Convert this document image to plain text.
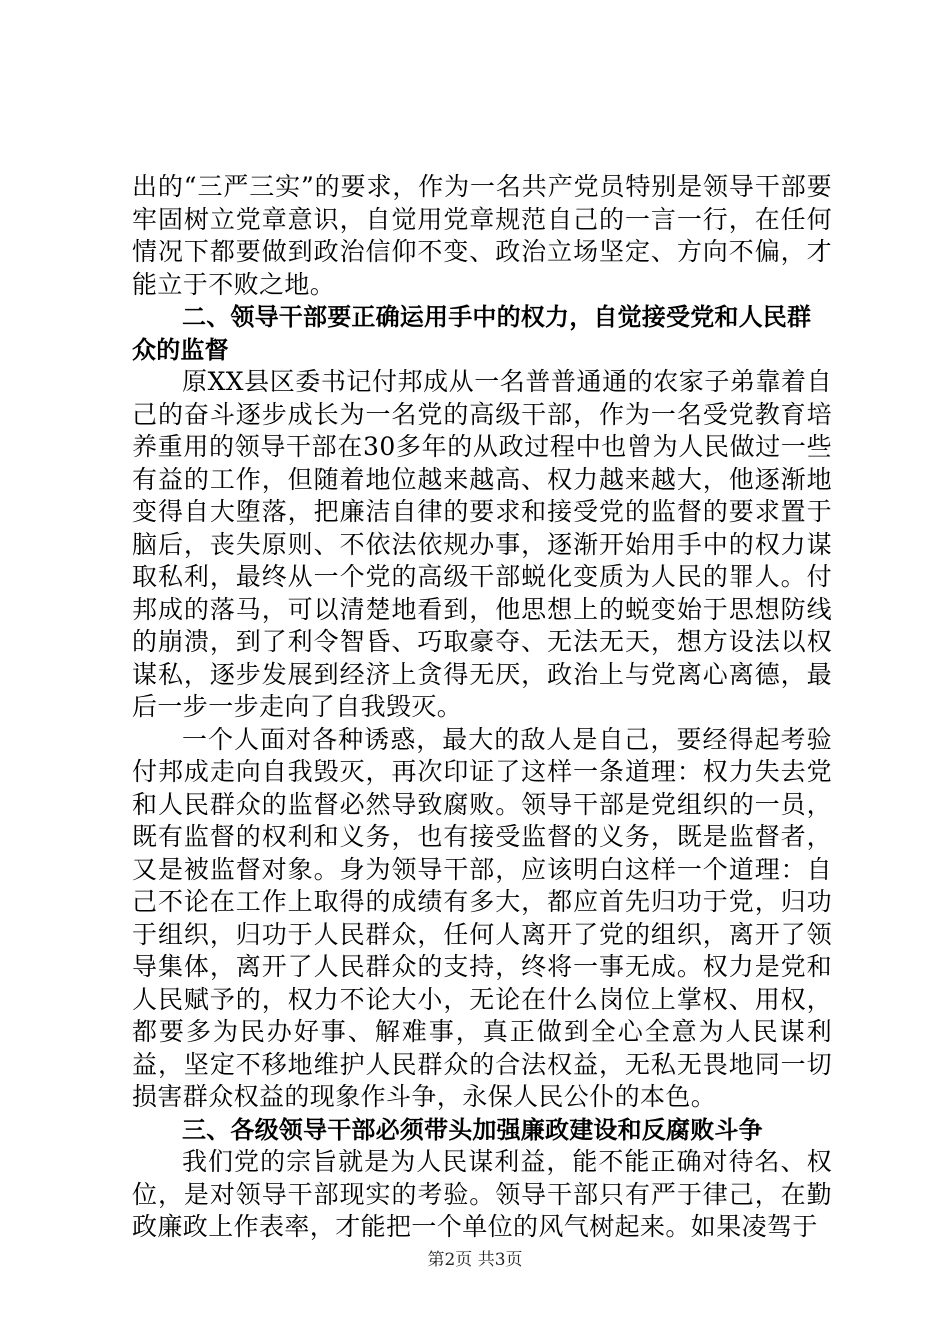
出的“三严三实”的要求，作为一名共产党员特别是领导干部要牢固树立党章意识，自觉用党章规范自己的一言一行，在任何情况下都要做到政治信仰不变、政治立场坚定、方向不偏，才能立于不败之地。

二、领导干部要正确运用手中的权力，自觉接受党和人民群众的监督

原XX县区委书记付邦成从一名普普通通的农家子弟靠着自己的奋斗逐步成长为一名党的高级干部，作为一名受党教育培养重用的领导干部在30多年的从政过程中也曾为人民做过一些有益的工作，但随着地位越来越高、权力越来越大，他逐渐地变得自大堕落，把廉洁自律的要求和接受党的监督的要求置于脑后，丧失原则、不依法依规办事，逐渐开始用手中的权力谋取私利，最终从一个党的高级干部蜕化变质为人民的罪人。付邦成的落马，可以清楚地看到，他思想上的蜕变始于思想防线的崩溃，到了利令智昏、巧取豪夺、无法无天，想方设法以权谋私，逐步发展到经济上贪得无厌，政治上与党离心离德，最后一步一步走向了自我毁灭。

一个人面对各种诱惑，最大的敌人是自己，要经得起考验付邦成走向自我毁灭，再次印证了这样一条道理：权力失去党和人民群众的监督必然导致腐败。领导干部是党组织的一员，既有监督的权利和义务，也有接受监督的义务，既是监督者，又是被监督对象。身为领导干部，应该明白这样一个道理：自己不论在工作上取得的成绩有多大，都应首先归功于党，归功于组织，归功于人民群众，任何人离开了党的组织，离开了领导集体，离开了人民群众的支持，终将一事无成。权力是党和人民赋予的，权力不论大小，无论在什么岗位上掌权、用权，都要多为民办好事、解难事，真正做到全心全意为人民谋利益，坚定不移地维护人民群众的合法权益，无私无畏地同一切损害群众权益的现象作斗争，永保人民公仆的本色。

三、各级领导干部必须带头加强廉政建设和反腐败斗争

我们党的宗旨就是为人民谋利益，能不能正确对待名、权位，是对领导干部现实的考验。领导干部只有严于律己，在勤政廉政上作表率，才能把一个单位的风气树起来。如果凌驾于

第2页 共3页
